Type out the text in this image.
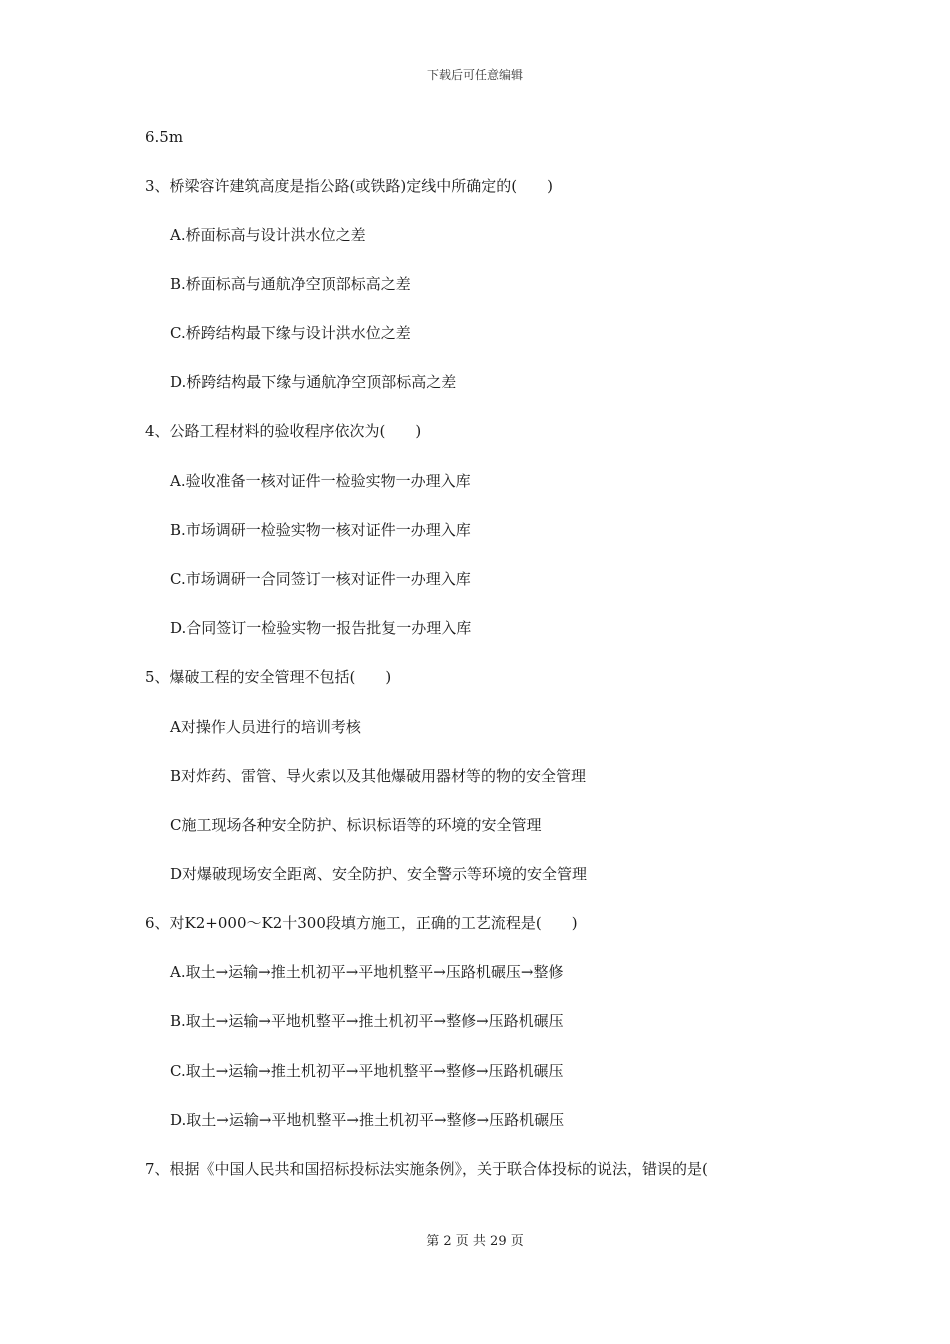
下载后可任意编辑
6.5m
3、桥梁容许建筑高度是指公路(或铁路)定线中所确定的(　　)
A.桥面标高与设计洪水位之差
B.桥面标高与通航净空顶部标高之差
C.桥跨结构最下缘与设计洪水位之差
D.桥跨结构最下缘与通航净空顶部标高之差
4、公路工程材料的验收程序依次为(　　)
A.验收准备一核对证件一检验实物一办理入库
B.市场调研一检验实物一核对证件一办理入库
C.市场调研一合同签订一核对证件一办理入库
D.合同签订一检验实物一报告批复一办理入库
5、爆破工程的安全管理不包括(　　)
A对操作人员进行的培训考核
B对炸药、雷管、导火索以及其他爆破用器材等的物的安全管理
C施工现场各种安全防护、标识标语等的环境的安全管理
D对爆破现场安全距离、安全防护、安全警示等环境的安全管理
6、对K2+000～K2十300段填方施工，正确的工艺流程是(　　)
A.取土→运输→推土机初平→平地机整平→压路机碾压→整修
B.取土→运输→平地机整平→推土机初平→整修→压路机碾压
C.取土→运输→推土机初平→平地机整平→整修→压路机碾压
D.取土→运输→平地机整平→推土机初平→整修→压路机碾压
7、根据《中国人民共和国招标投标法实施条例》，关于联合体投标的说法，错误的是(
第 2 页 共 29 页
